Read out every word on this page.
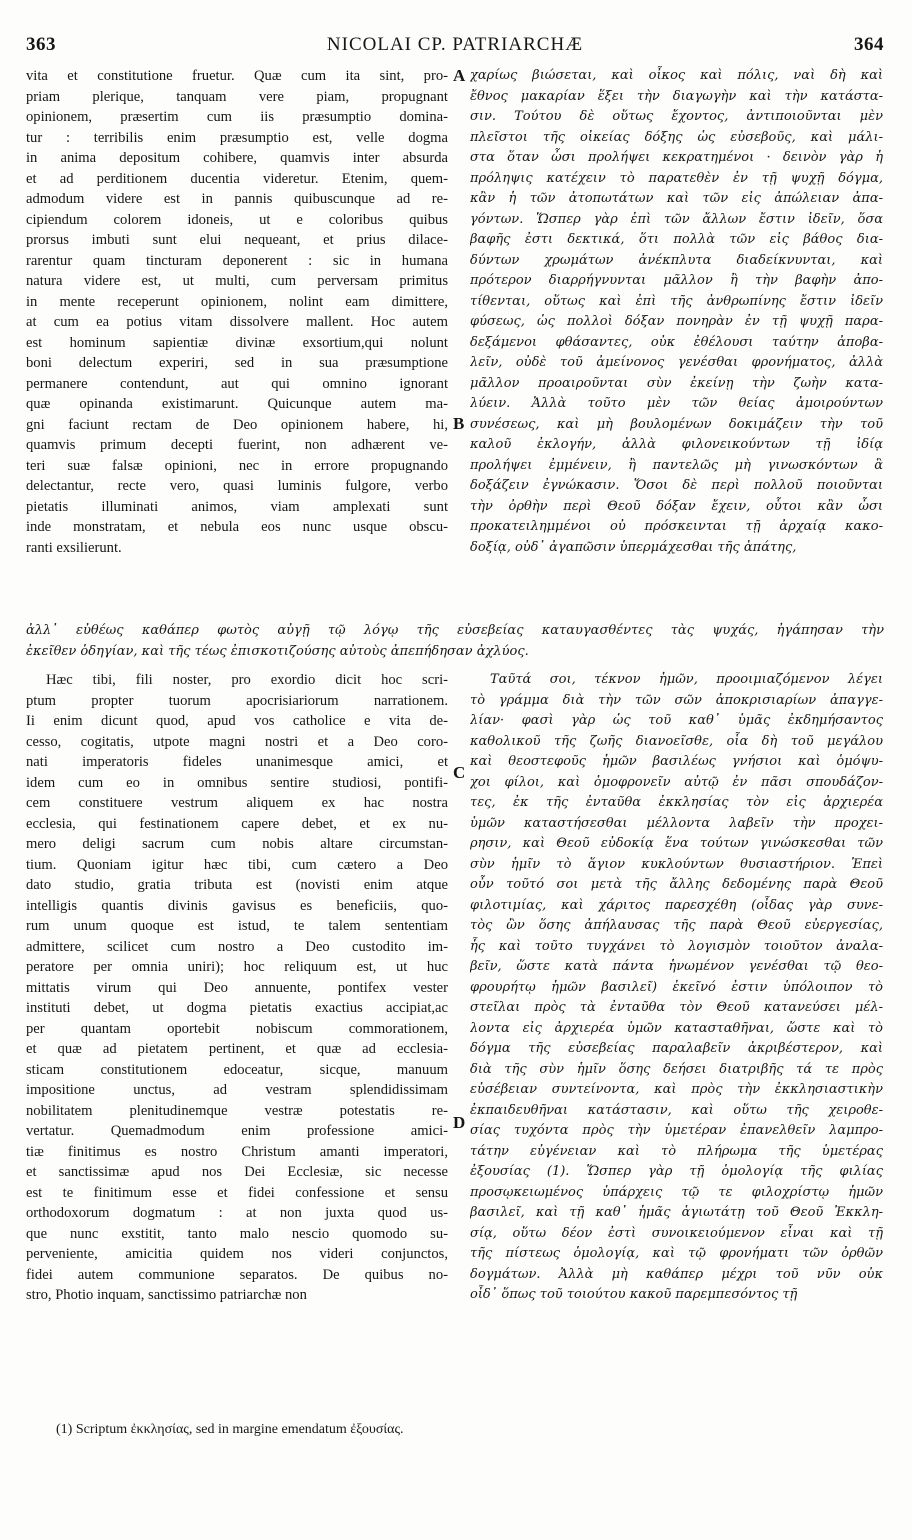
363	NICOLAI CP. PATRIARCHÆ	364
A
B
C
D
vita et constitutione fruetur. Quæ cum ita sint, pro-
priam plerique, tanquam vere piam, propugnant
opinionem, præsertim cum iis præsumptio domina-
tur : terribilis enim præsumptio est, velle dogma
in anima depositum cohibere, quamvis inter absurda
et ad perditionem ducentia videretur. Etenim, quem-
admodum videre est in pannis quibuscunque ad re-
cipiendum colorem idoneis, ut e coloribus quibus
prorsus imbuti sunt elui nequeant, et prius dilace-
rarentur quam tincturam deponerent : sic in humana
natura videre est, ut multi, cum perversam primitus
in mente receperunt opinionem, nolint eam dimittere,
at cum ea potius vitam dissolvere mallent. Hoc autem
est hominum sapientiæ divinæ exsortium,qui nolunt
boni delectum experiri, sed in sua præsumptione
permanere contendunt, aut qui omnino ignorant
quæ opinanda existimarunt. Quicunque autem ma-
gni faciunt rectam de Deo opinionem habere, hi,
quamvis primum decepti fuerint, non adhærent ve-
teri suæ falsæ opinioni, nec in errore propugnando
delectantur, recte vero, quasi luminis fulgore, verbo
pietatis illuminati animos, viam amplexati sunt
inde monstratam, et nebula eos nunc usque obscu-
ranti exsilierunt.
χαρίως βιώσεται, καὶ οἶκος καὶ πόλις, ναὶ δὴ καὶ
ἔθνος μακαρίαν ἕξει τὴν διαγωγὴν καὶ τὴν κατάστα-
σιν. Τούτου δὲ οὕτως ἔχοντος, ἀντιποιοῦνται μὲν
πλεῖστοι τῆς οἰκείας δόξης ὡς εὐσεβοῦς, καὶ μάλι-
στα ὅταν ὦσι προλήψει κεκρατημένοι · δεινὸν γὰρ ἡ
πρόληψις κατέχειν τὸ παρατεθὲν ἐν τῇ ψυχῇ δόγμα,
κἂν ἡ τῶν ἀτοπωτάτων καὶ τῶν εἰς ἀπώλειαν ἀπα-
γόντων. Ὥσπερ γὰρ ἐπὶ τῶν ἄλλων ἔστιν ἰδεῖν, ὅσα
βαφῆς ἐστι δεκτικά, ὅτι πολλὰ τῶν εἰς βάθος δια-
δύντων χρωμάτων ἀνέκπλυτα διαδείκνυνται, καὶ
πρότερον διαρρήγνυνται μᾶλλον ἢ τὴν βαφὴν ἀπο-
τίθενται, οὕτως καὶ ἐπὶ τῆς ἀνθρωπίνης ἔστιν ἰδεῖν
φύσεως, ὡς πολλοὶ δόξαν πονηρὰν ἐν τῇ ψυχῇ παρα-
δεξάμενοι φθάσαντες, οὐκ ἐθέλουσι ταύτην ἀποβα-
λεῖν, οὐδὲ τοῦ ἀμείνονος γενέσθαι φρονήματος, ἀλλὰ
μᾶλλον προαιροῦνται σὺν ἐκείνῃ τὴν ζωὴν κατα-
λύειν. Ἀλλὰ τοῦτο μὲν τῶν θείας ἀμοιρούντων
συνέσεως, καὶ μὴ βουλομένων δοκιμάζειν τὴν τοῦ
καλοῦ ἐκλογήν, ἀλλὰ φιλονεικούντων τῇ ἰδίᾳ
προλήψει ἐμμένειν, ἢ παντελῶς μὴ γινωσκόντων ἃ
δοξάζειν ἐγνώκασιν. Ὅσοι δὲ περὶ πολλοῦ ποιοῦνται
τὴν ὀρθὴν περὶ Θεοῦ δόξαν ἔχειν, οὗτοι κἂν ὦσι
προκατειλημμένοι οὐ πρόσκεινται τῇ ἀρχαίᾳ κακο-
δοξίᾳ, οὐδ᾽ ἀγαπῶσιν ὑπερμάχεσθαι τῆς ἀπάτης,
ἀλλ᾽ εὐθέως καθάπερ φωτὸς αὐγῇ τῷ λόγῳ τῆς εὐσεβείας καταυγασθέντες τὰς ψυχάς, ἠγάπησαν τὴν
ἐκεῖθεν ὁδηγίαν, καὶ τῆς τέως ἐπισκοτιζούσης αὐτοὺς ἀπεπήδησαν ἀχλύος.
Hæc tibi, fili noster, pro exordio dicit hoc scri-
ptum propter tuorum apocrisiariorum narrationem.
Ii enim dicunt quod, apud vos catholice e vita de-
cesso, cogitatis, utpote magni nostri et a Deo coro-
nati imperatoris fideles unanimesque amici, et
idem cum eo in omnibus sentire studiosi, pontifi-
cem constituere vestrum aliquem ex hac nostra
ecclesia, qui festinationem capere debet, et ex nu-
mero deligi sacrum cum nobis altare circumstan-
tium. Quoniam igitur hæc tibi, cum cætero a Deo
dato studio, gratia tributa est (novisti enim atque
intelligis quantis divinis gavisus es beneficiis, quo-
rum unum quoque est istud, te talem sententiam
admittere, scilicet cum nostro a Deo custodito im-
peratore per omnia uniri); hoc reliquum est, ut huc
mittatis virum qui Deo annuente, pontifex vester
instituti debet, ut dogma pietatis exactius accipiat,ac
per quantam oportebit nobiscum commorationem,
et quæ ad pietatem pertinent, et quæ ad ecclesia-
sticam constitutionem edoceatur, sicque, manuum
impositione unctus, ad vestram splendidissimam
nobilitatem plenitudinemque vestræ potestatis re-
vertatur. Quemadmodum enim professione amici-
tiæ finitimus es nostro Christum amanti imperatori,
et sanctissimæ apud nos Dei Ecclesiæ, sic necesse
est te finitimum esse et fidei confessione et sensu
orthodoxorum dogmatum : at non juxta quod us-
que nunc exstitit, tanto malo nescio quomodo su-
perveniente, amicitia quidem nos videri conjunctos,
fidei autem communione separatos. De quibus no-
stro, Photio inquam, sanctissimo patriarchæ non
Ταῦτά σοι, τέκνον ἡμῶν, προοιμιαζόμενον λέγει
τὸ γράμμα διὰ τὴν τῶν σῶν ἀποκρισιαρίων ἀπαγγε-
λίαν· φασὶ γὰρ ὡς τοῦ καθ᾽ ὑμᾶς ἐκδημήσαντος
καθολικοῦ τῆς ζωῆς διανοεῖσθε, οἷα δὴ τοῦ μεγάλου
καὶ θεοστεφοῦς ἡμῶν βασιλέως γνήσιοι καὶ ὁμόψυ-
χοι φίλοι, καὶ ὁμοφρονεῖν αὐτῷ ἐν πᾶσι σπουδάζον-
τες, ἐκ τῆς ἐνταῦθα ἐκκλησίας τὸν εἰς ἀρχιερέα
ὑμῶν καταστήσεσθαι μέλλοντα λαβεῖν τὴν προχει-
ρησιν, καὶ Θεοῦ εὐδοκίᾳ ἕνα τούτων γινώσκεσθαι τῶν
σὺν ἡμῖν τὸ ἅγιον κυκλούντων θυσιαστήριον. Ἐπεὶ
οὖν τοῦτό σοι μετὰ τῆς ἄλλης δεδομένης παρὰ Θεοῦ
φιλοτιμίας, καὶ χάριτος παρεσχέθη (οἶδας γὰρ συνε-
τὸς ὢν ὅσης ἀπήλαυσας τῆς παρὰ Θεοῦ εὐεργεσίας,
ἧς καὶ τοῦτο τυγχάνει τὸ λογισμὸν τοιοῦτον ἀναλα-
βεῖν, ὥστε κατὰ πάντα ἡνωμένον γενέσθαι τῷ θεο-
φρουρήτῳ ἡμῶν βασιλεῖ) ἐκεῖνό ἐστιν ὑπόλοιπον τὸ
στεῖλαι πρὸς τὰ ἐνταῦθα τὸν Θεοῦ κατανεύσει μέλ-
λοντα εἰς ἀρχιερέα ὑμῶν κατασταθῆναι, ὥστε καὶ τὸ
δόγμα τῆς εὐσεβείας παραλαβεῖν ἀκριβέστερον, καὶ
διὰ τῆς σὺν ἡμῖν ὅσης δεήσει διατριβῆς τά τε πρὸς
εὐσέβειαν συντείνοντα, καὶ πρὸς τὴν ἐκκλησιαστικὴν
ἐκπαιδευθῆναι κατάστασιν, καὶ οὕτω τῆς χειροθε-
σίας τυχόντα πρὸς τὴν ὑμετέραν ἐπανελθεῖν λαμπρο-
τάτην εὐγένειαν καὶ τὸ πλήρωμα τῆς ὑμετέρας
ἐξουσίας (1). Ὥσπερ γὰρ τῇ ὁμολογίᾳ τῆς φιλίας
προσῳκειωμένος ὑπάρχεις τῷ τε φιλοχρίστῳ ἡμῶν
βασιλεῖ, καὶ τῇ καθ᾽ ἡμᾶς ἁγιωτάτῃ τοῦ Θεοῦ Ἐκκλη-
σίᾳ, οὕτω δέον ἐστὶ συνοικειούμενον εἶναι καὶ τῇ
τῆς πίστεως ὁμολογίᾳ, καὶ τῷ φρονήματι τῶν ὀρθῶν
δογμάτων. Ἀλλὰ μὴ καθάπερ μέχρι τοῦ νῦν οὐκ
οἶδ᾽ ὅπως τοῦ τοιούτου κακοῦ παρεμπεσόντος τῇ
(1) Scriptum ἐκκλησίας, sed in margine emendatum ἐξουσίας.
